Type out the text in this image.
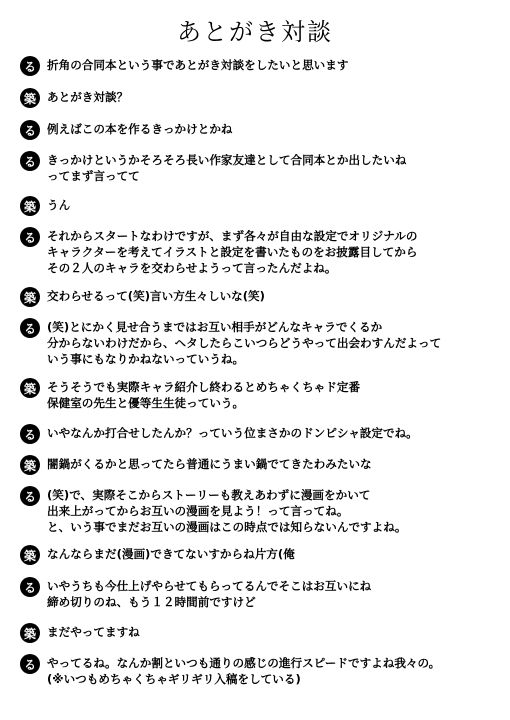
あとがき対談
る 折角の合同本という事であとがき対談をしたいと思います
築 あとがき対談？
る 例えばこの本を作るきっかけとかね
る きっかけというかそろそろ長い作家友達として合同本とか出したいね
ってまず言ってて
築 うん
る それからスタートなわけですが、まず各々が自由な設定でオリジナルの
キャラクターを考えてイラストと設定を書いたものをお披露目してから
その２人のキャラを交わらせようって言ったんだよね。
築 交わらせるって(笑)言い方生々しいな(笑)
る (笑)とにかく見せ合うまではお互い相手がどんなキャラでくるか
分からないわけだから、ヘタしたらこいつらどうやって出会わすんだよって
いう事にもなりかねないっていうね。
築 そうそうでも実際キャラ紹介し終わるとめちゃくちゃド定番
保健室の先生と優等生生徒っていう。
る いやなんか打合せしたんか？っていう位まさかのドンピシャ設定でね。
築 闇鍋がくるかと思ってたら普通にうまい鍋でてきたわみたいな
る (笑)で、実際そこからストーリーも教えあわずに漫画をかいて
出来上がってからお互いの漫画を見よう！って言ってね。
と、いう事でまだお互いの漫画はこの時点では知らないんですよね。
築 なんならまだ(漫画)できてないすからね片方(俺
る いやうちも今仕上げやらせてもらってるんでそこはお互いにね
締め切りのね、もう１２時間前ですけど
築 まだやってますね
る やってるね。なんか割といつも通りの感じの進行スピードですよね我々の。
(※いつもめちゃくちゃギリギリ入稿をしている)
